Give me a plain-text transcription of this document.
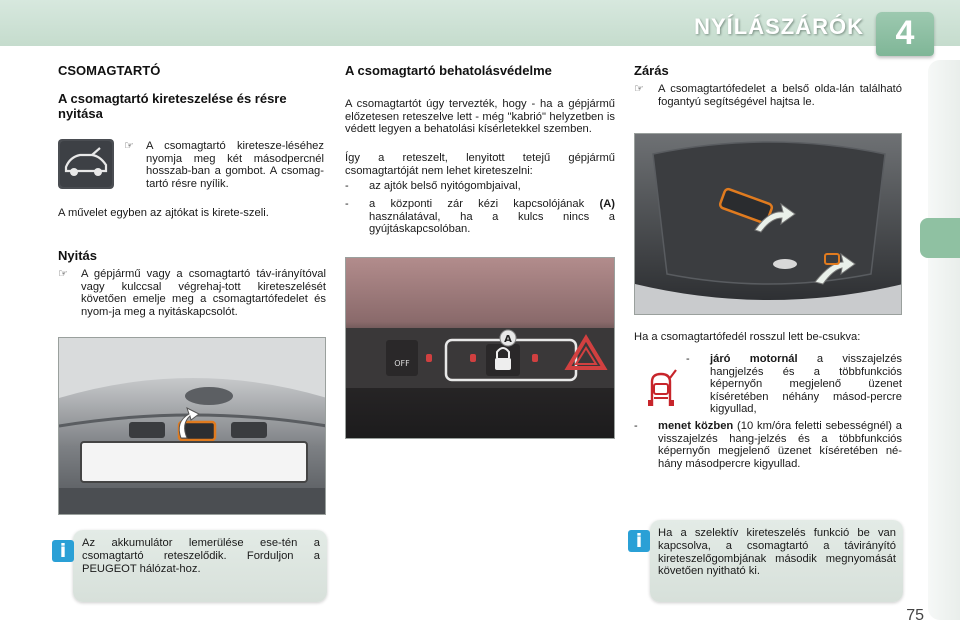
NYÍLÁSZÁRÓK 4
CSOMAGTARTÓ
A csomagtartó kireteszelése és résre nyitása
☞	A csomagtartó kiretesze-léséhez nyomja meg két másodpercnél hosszab-ban a gombot. A csomag-tartó résre nyílik.
A művelet egyben az ajtókat is kirete-szeli.
Nyitás
☞	A gépjármű vagy a csomagtartó táv-irányítóval vagy kulccsal végrehaj-tott kireteszelését követően emelje meg a csomagtartófedelet és nyom-ja meg a nyitáskapcsolót.
i	Az akkumulátor lemerülése ese-tén a csomagtartó reteszelődik. Forduljon a PEUGEOT hálózat-hoz.
A csomagtartó behatolásvédelme
A csomagtartót úgy tervezték, hogy - ha a gépjármű előzetesen reteszelve lett - még "kabrió" helyzetben is védett legyen a behatolási kísérletekkel szemben.
Így a reteszelt, lenyitott tetejű gépjármű csomagtartóját nem lehet kireteszelni:
-	az ajtók belső nyitógombjaival,
-	a központi zár kézi kapcsolójának (A) használatával, ha a kulcs nincs a gyújtáskapcsolóban.
OFF
A
Zárás
☞	A csomagtartófedelet a belső olda-lán található fogantyú segítségével hajtsa le.
Ha a csomagtartófedél rosszul lett be-csukva:
-	járó motornál a visszajelzés hangjelzés és a többfunkciós képernyőn megjelenő üzenet kíséretében néhány másod-percre kigyullad,
-	menet közben (10 km/óra feletti sebességnél) a visszajelzés hang-jelzés és a többfunkciós képernyőn megjelenő üzenet kíséretében né-hány másodpercre kigyullad.
i	Ha a szelektív kireteszelés funkció be van kapcsolva, a csomagtartó a távirányító kireteszelőgombjának második megnyomását követően nyitható ki.
75
